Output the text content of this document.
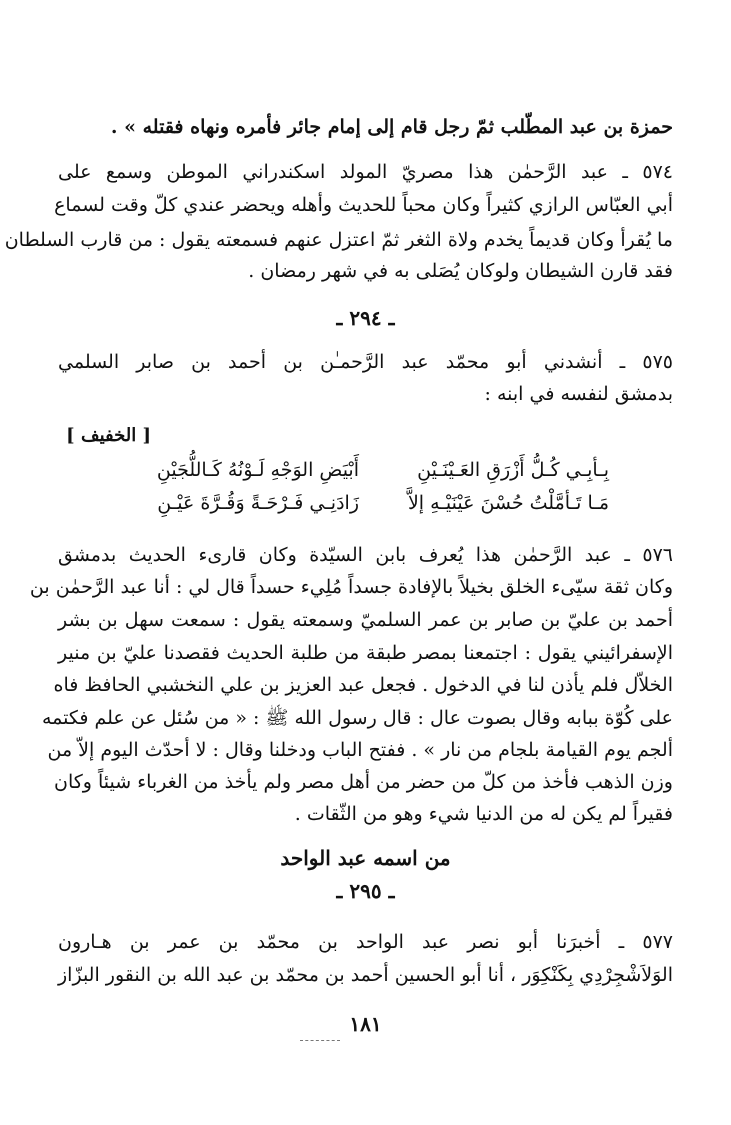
حمزة بن عبد المطّلب ثمّ رجل قام إلى إمام جائر فأمره ونهاه فقتله » .
٥٧٤ ـ عبد الرَّحمٰن هذا مصريّ المولد اسكندراني الموطن وسمع على
أبي العبّاس الرازي كثيراً وكان محباً للحديث وأهله ويحضر عندي كلّ وقت لسماع
ما يُقرأ وكان قديماً يخدم ولاة الثغر ثمّ اعتزل عنهم فسمعته يقول : من قارب السلطان
فقد قارن الشيطان ولوكان يُصَلى به في شهر رمضان .
ـ ٢٩٤ ـ
٥٧٥ ـ أنشدني أبو محمّد عبد الرَّحمـٰن بن أحمد بن صابر السلمي
بدمشق لنفسه في ابنه :
[ الخفيف ]
أَبْيَضِ الوَجْهِ لَـوْنُهُ كَـاللُّجَيْنِ	بِـأبِـي كُـلُّ أَزْرَقِ العَـيْنَـيْنِ
زَادَنِـي فَـرْحَـةً وَقُـرَّةَ عَيْـنِ	مَـا تَـأمَّلْتُ حُسْنَ عَيْنَيْـهِ إلاَّ
٥٧٦ ـ عبد الرَّحمٰن هذا يُعرف بابن السيّدة وكان قارىء الحديث بدمشق
وكان ثقة سيّىء الخلق بخيلاً بالإفادة جسداً مُلِيء حسداً قال لي : أنا عبد الرَّحمٰن بن
أحمد بن عليّ بن صابر بن عمر السلميّ وسمعته يقول : سمعت سهل بن بشر
الإسفرائيني يقول : اجتمعنا بمصر طبقة من طلبة الحديث فقصدنا عليّ بن منير
الخلاّل فلم يأذن لنا في الدخول . فجعل عبد العزيز بن علي النخشبي الحافظ فاه
على كُوّة ببابه وقال بصوت عال : قال رسول الله ﷺ : « من سُئل عن علم فكتمه
ألجم يوم القيامة بلجام من نار » . ففتح الباب ودخلنا وقال : لا أحدّث اليوم إلاّ من
وزن الذهب فأخذ من كلّ من حضر من أهل مصر ولم يأخذ من الغرباء شيئاً وكان
فقيراً لم يكن له من الدنيا شيء وهو من الثّقات .
من اسمه عبد الواحد
ـ ٢٩٥ ـ
٥٧٧ ـ أخبرَنا أبو نصر عبد الواحد بن محمّد بن عمر بن هـارون
الوَلاَشْجِرْدِي بِكَنْكِوَر ، أنا أبو الحسين أحمد بن محمّد بن عبد الله بن النقور البزّاز
١٨١
